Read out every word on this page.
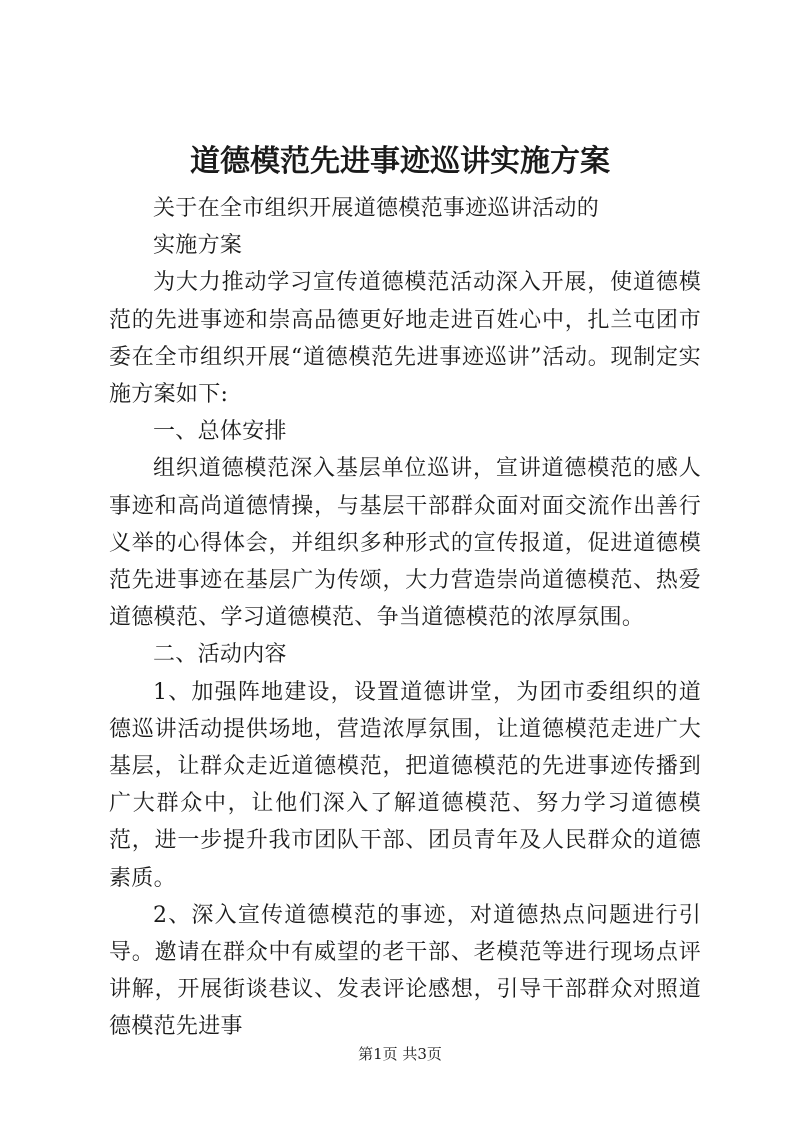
道德模范先进事迹巡讲实施方案

关于在全市组织开展道德模范事迹巡讲活动的

实施方案

为大力推动学习宣传道德模范活动深入开展，使道德模范的先进事迹和崇高品德更好地走进百姓心中，扎兰屯团市委在全市组织开展“道德模范先进事迹巡讲”活动。现制定实施方案如下:

一、总体安排

组织道德模范深入基层单位巡讲，宣讲道德模范的感人事迹和高尚道德情操，与基层干部群众面对面交流作出善行义举的心得体会，并组织多种形式的宣传报道，促进道德模范先进事迹在基层广为传颂，大力营造崇尚道德模范、热爱道德模范、学习道德模范、争当道德模范的浓厚氛围。

二、活动内容

1、加强阵地建设，设置道德讲堂，为团市委组织的道德巡讲活动提供场地，营造浓厚氛围，让道德模范走进广大基层，让群众走近道德模范，把道德模范的先进事迹传播到广大群众中，让他们深入了解道德模范、努力学习道德模范，进一步提升我市团队干部、团员青年及人民群众的道德素质。

2、深入宣传道德模范的事迹，对道德热点问题进行引导。邀请在群众中有威望的老干部、老模范等进行现场点评讲解，开展街谈巷议、发表评论感想，引导干部群众对照道德模范先进事

第1页 共3页
